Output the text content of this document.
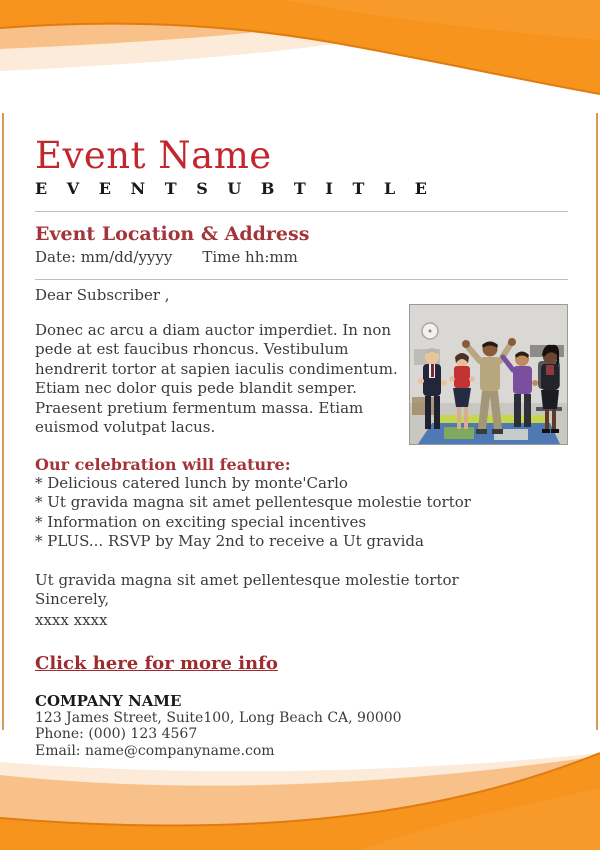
Event Name
E V E N T S U B T I T L E
Event Location & Address
Date: mm/dd/yyyy Time hh:mm
Dear Subscriber ,
Donec ac arcu a diam auctor imperdiet. In non pede at est faucibus rhoncus. Vestibulum hendrerit tortor at sapien iaculis condimentum. Etiam nec dolor quis pede blandit semper. Praesent pretium fermentum massa. Etiam euismod volutpat lacus.
Our celebration will feature:
* Delicious catered lunch by monte'Carlo
* Ut gravida magna sit amet pellentesque molestie tortor
* Information on exciting special incentives
* PLUS... RSVP by May 2nd to receive a Ut gravida
Ut gravida magna sit amet pellentesque molestie tortor
Sincerely,
xxxx xxxx
Click here for more info
COMPANY NAME
123 James Street, Suite100, Long Beach CA, 90000
Phone: (000) 123 4567
Email: name@companyname.com
